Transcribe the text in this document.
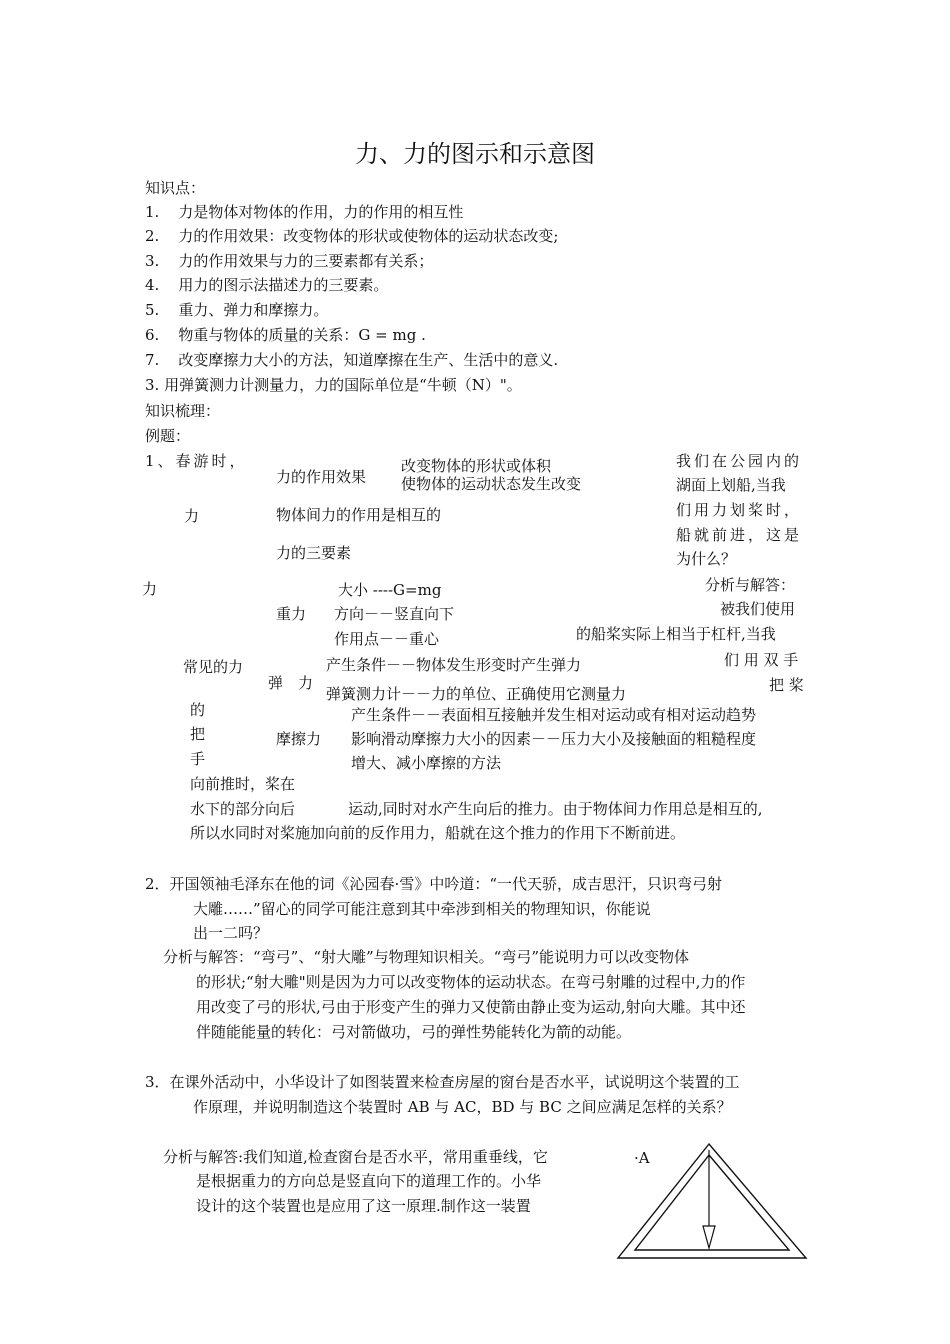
力、力的图示和示意图
知识点：
1.    力是物体对物体的作用，力的作用的相互性
2.    力的作用效果：改变物体的形状或使物体的运动状态改变;
3.    力的作用效果与力的三要素都有关系；
4.    用力的图示法描述力的三要素。
5.    重力、弹力和摩擦力。
6.    物重与物体的质量的关系：G = mg .
7.    改变摩擦力大小的方法，知道摩擦在生产、生活中的意义.
3. 用弹簧测力计测量力，力的国际单位是“牛顿（N）"。
知识梳理：
例题：
1、春游时，
力
力
力的作用效果
改变物体的形状或体积
使物体的运动状态发生改变
物体间力的作用是相互的
力的三要素
大小 ----G=mg
重力 方向－－竖直向下
作用点－－重心
常见的力
弹　力
产生条件－－物体发生形变时产生弹力
弹簧测力计－－力的单位、正确使用它测量力
摩擦力
产生条件－－表面相互接触并发生相对运动或有相对运动趋势
影响滑动摩擦力大小的因素－－压力大小及接触面的粗糙程度
增大、减小摩擦的方法
我们在公园内的
湖面上划船,当我
们用力划桨时，
船就前进，这是
为什么？
分析与解答：
被我们使用
的船桨实际上相当于杠杆,当我
们 用 双 手
把 桨
的
把
手
向前推时，桨在
水下的部分向后	运动,同时对水产生向后的推力。由于物体间力作用总是相互的,
所以水同时对桨施加向前的反作用力，船就在这个推力的作用下不断前进。
2．开国领袖毛泽东在他的词《沁园春·雪》中吟道：“一代天骄，成吉思汗，只识弯弓射
大雕……”留心的同学可能注意到其中牵涉到相关的物理知识，你能说
出一二吗？
分析与解答：“弯弓”、“射大雕”与物理知识相关。“弯弓”能说明力可以改变物体
的形状;“射大雕"则是因为力可以改变物体的运动状态。在弯弓射雕的过程中,力的作
用改变了弓的形状,弓由于形变产生的弹力又使箭由静止变为运动,射向大雕。其中还
伴随能能量的转化：弓对箭做功，弓的弹性势能转化为箭的动能。
3．在课外活动中，小华设计了如图装置来检查房屋的窗台是否水平，试说明这个装置的工
作原理，并说明制造这个装置时 AB 与 AC，BD 与 BC 之间应满足怎样的关系？
分析与解答:我们知道,检查窗台是否水平，常用重垂线，它
是根据重力的方向总是竖直向下的道理工作的。小华
设计的这个装置也是应用了这一原理.制作这一装置
·A
